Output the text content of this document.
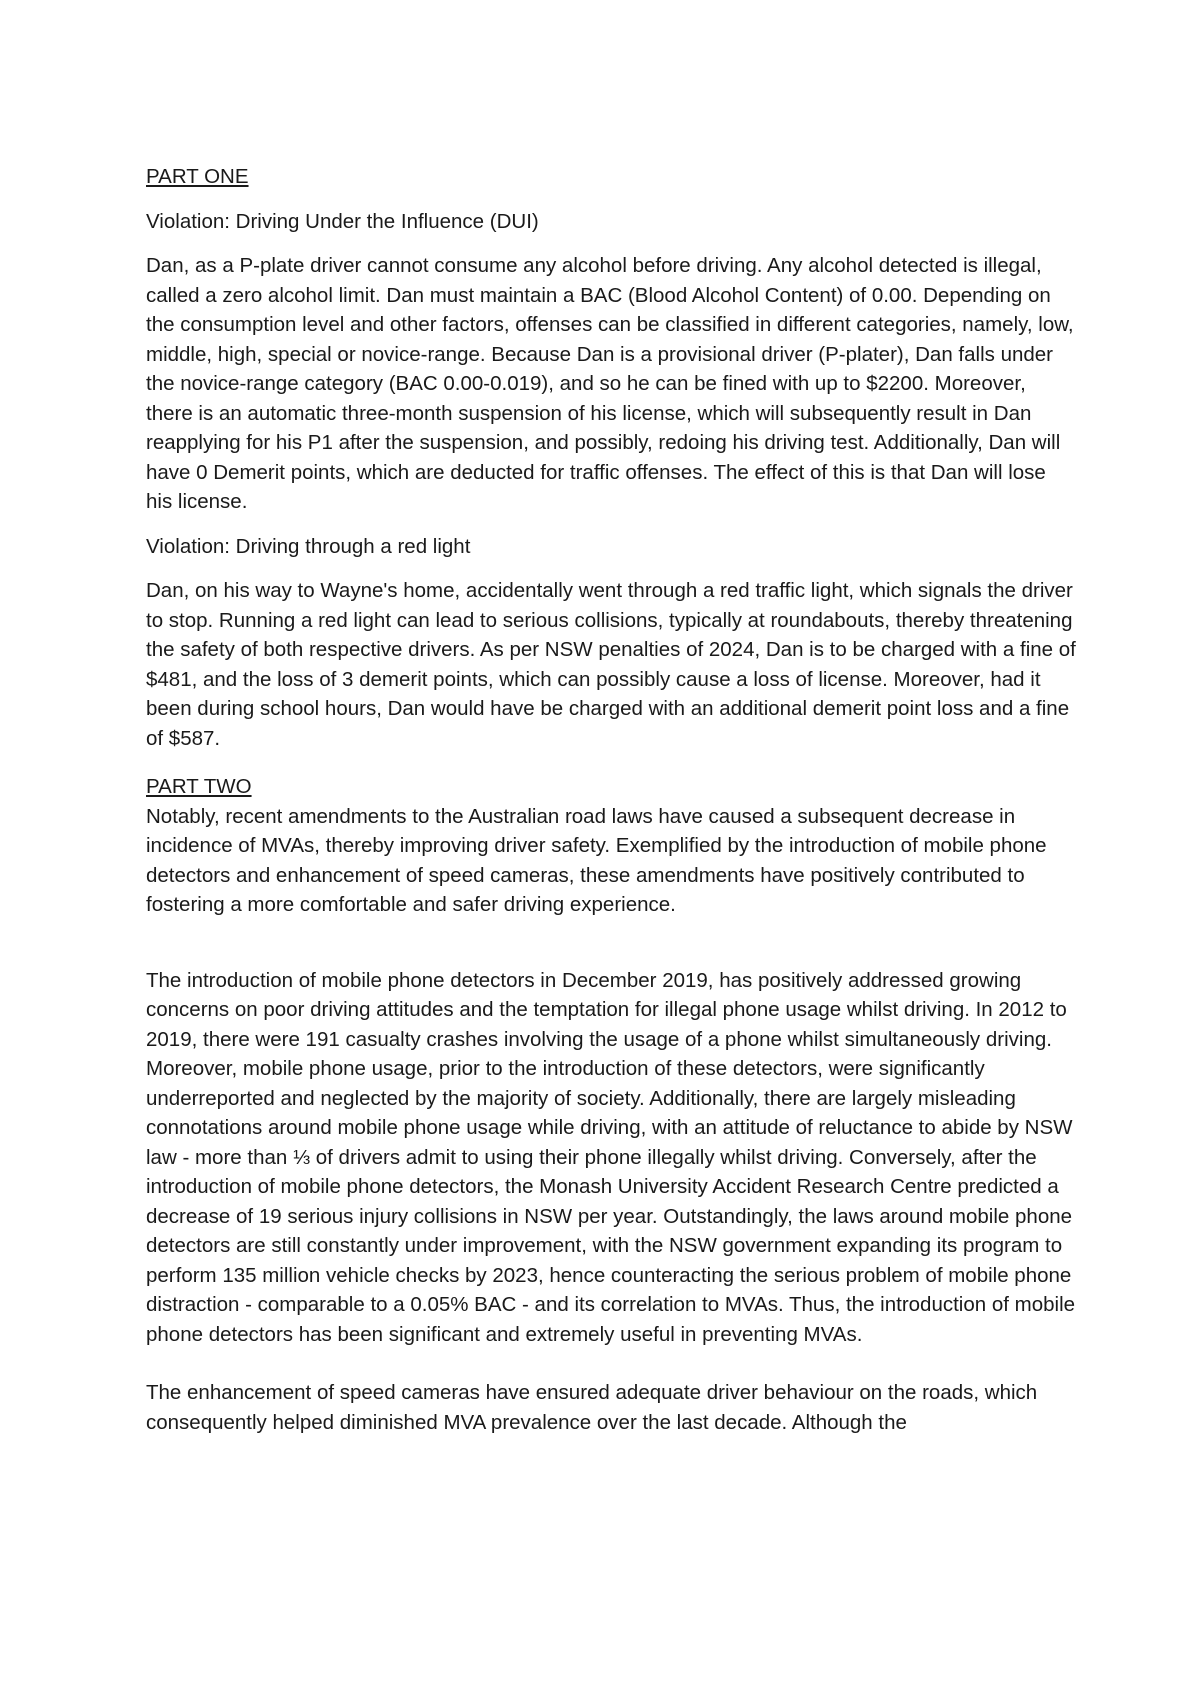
PART ONE
Violation: Driving Under the Influence (DUI)
Dan, as a P-plate driver cannot consume any alcohol before driving. Any alcohol detected is illegal, called a zero alcohol limit. Dan must maintain a BAC (Blood Alcohol Content) of 0.00. Depending on the consumption level and other factors, offenses can be classified in different categories, namely, low, middle, high, special or novice-range. Because Dan is a provisional driver (P-plater), Dan falls under the novice-range category (BAC 0.00-0.019), and so he can be fined with up to $2200. Moreover, there is an automatic three-month suspension of his license, which will subsequently result in Dan reapplying for his P1 after the suspension, and possibly, redoing his driving test. Additionally, Dan will have 0 Demerit points, which are deducted for traffic offenses. The effect of this is that Dan will lose his license.
Violation: Driving through a red light
Dan, on his way to Wayne's home, accidentally went through a red traffic light, which signals the driver to stop. Running a red light can lead to serious collisions, typically at roundabouts, thereby threatening the safety of both respective drivers. As per NSW penalties of 2024, Dan is to be charged with a fine of $481, and the loss of 3 demerit points, which can possibly cause a loss of license. Moreover, had it been during school hours, Dan would have be charged with an additional demerit point loss and a fine of $587.
PART TWO
Notably, recent amendments to the Australian road laws have caused a subsequent decrease in incidence of MVAs, thereby improving driver safety. Exemplified by the introduction of mobile phone detectors and enhancement of speed cameras, these amendments have positively contributed to fostering a more comfortable and safer driving experience.
The introduction of mobile phone detectors in December 2019, has positively addressed growing concerns on poor driving attitudes and the temptation for illegal phone usage whilst driving. In 2012 to 2019, there were 191 casualty crashes involving the usage of a phone whilst simultaneously driving. Moreover, mobile phone usage, prior to the introduction of these detectors, were significantly underreported and neglected by the majority of society. Additionally, there are largely misleading connotations around mobile phone usage while driving, with an attitude of reluctance to abide by NSW law - more than ⅓ of drivers admit to using their phone illegally whilst driving. Conversely, after the introduction of mobile phone detectors, the Monash University Accident Research Centre predicted a decrease of 19 serious injury collisions in NSW per year. Outstandingly, the laws around mobile phone detectors are still constantly under improvement, with the NSW government expanding its program to perform 135 million vehicle checks by 2023, hence counteracting the serious problem of mobile phone distraction - comparable to a 0.05% BAC - and its correlation to MVAs. Thus, the introduction of mobile phone detectors has been significant and extremely useful in preventing MVAs.
The enhancement of speed cameras have ensured adequate driver behaviour on the roads, which consequently helped diminished MVA prevalence over the last decade. Although the
